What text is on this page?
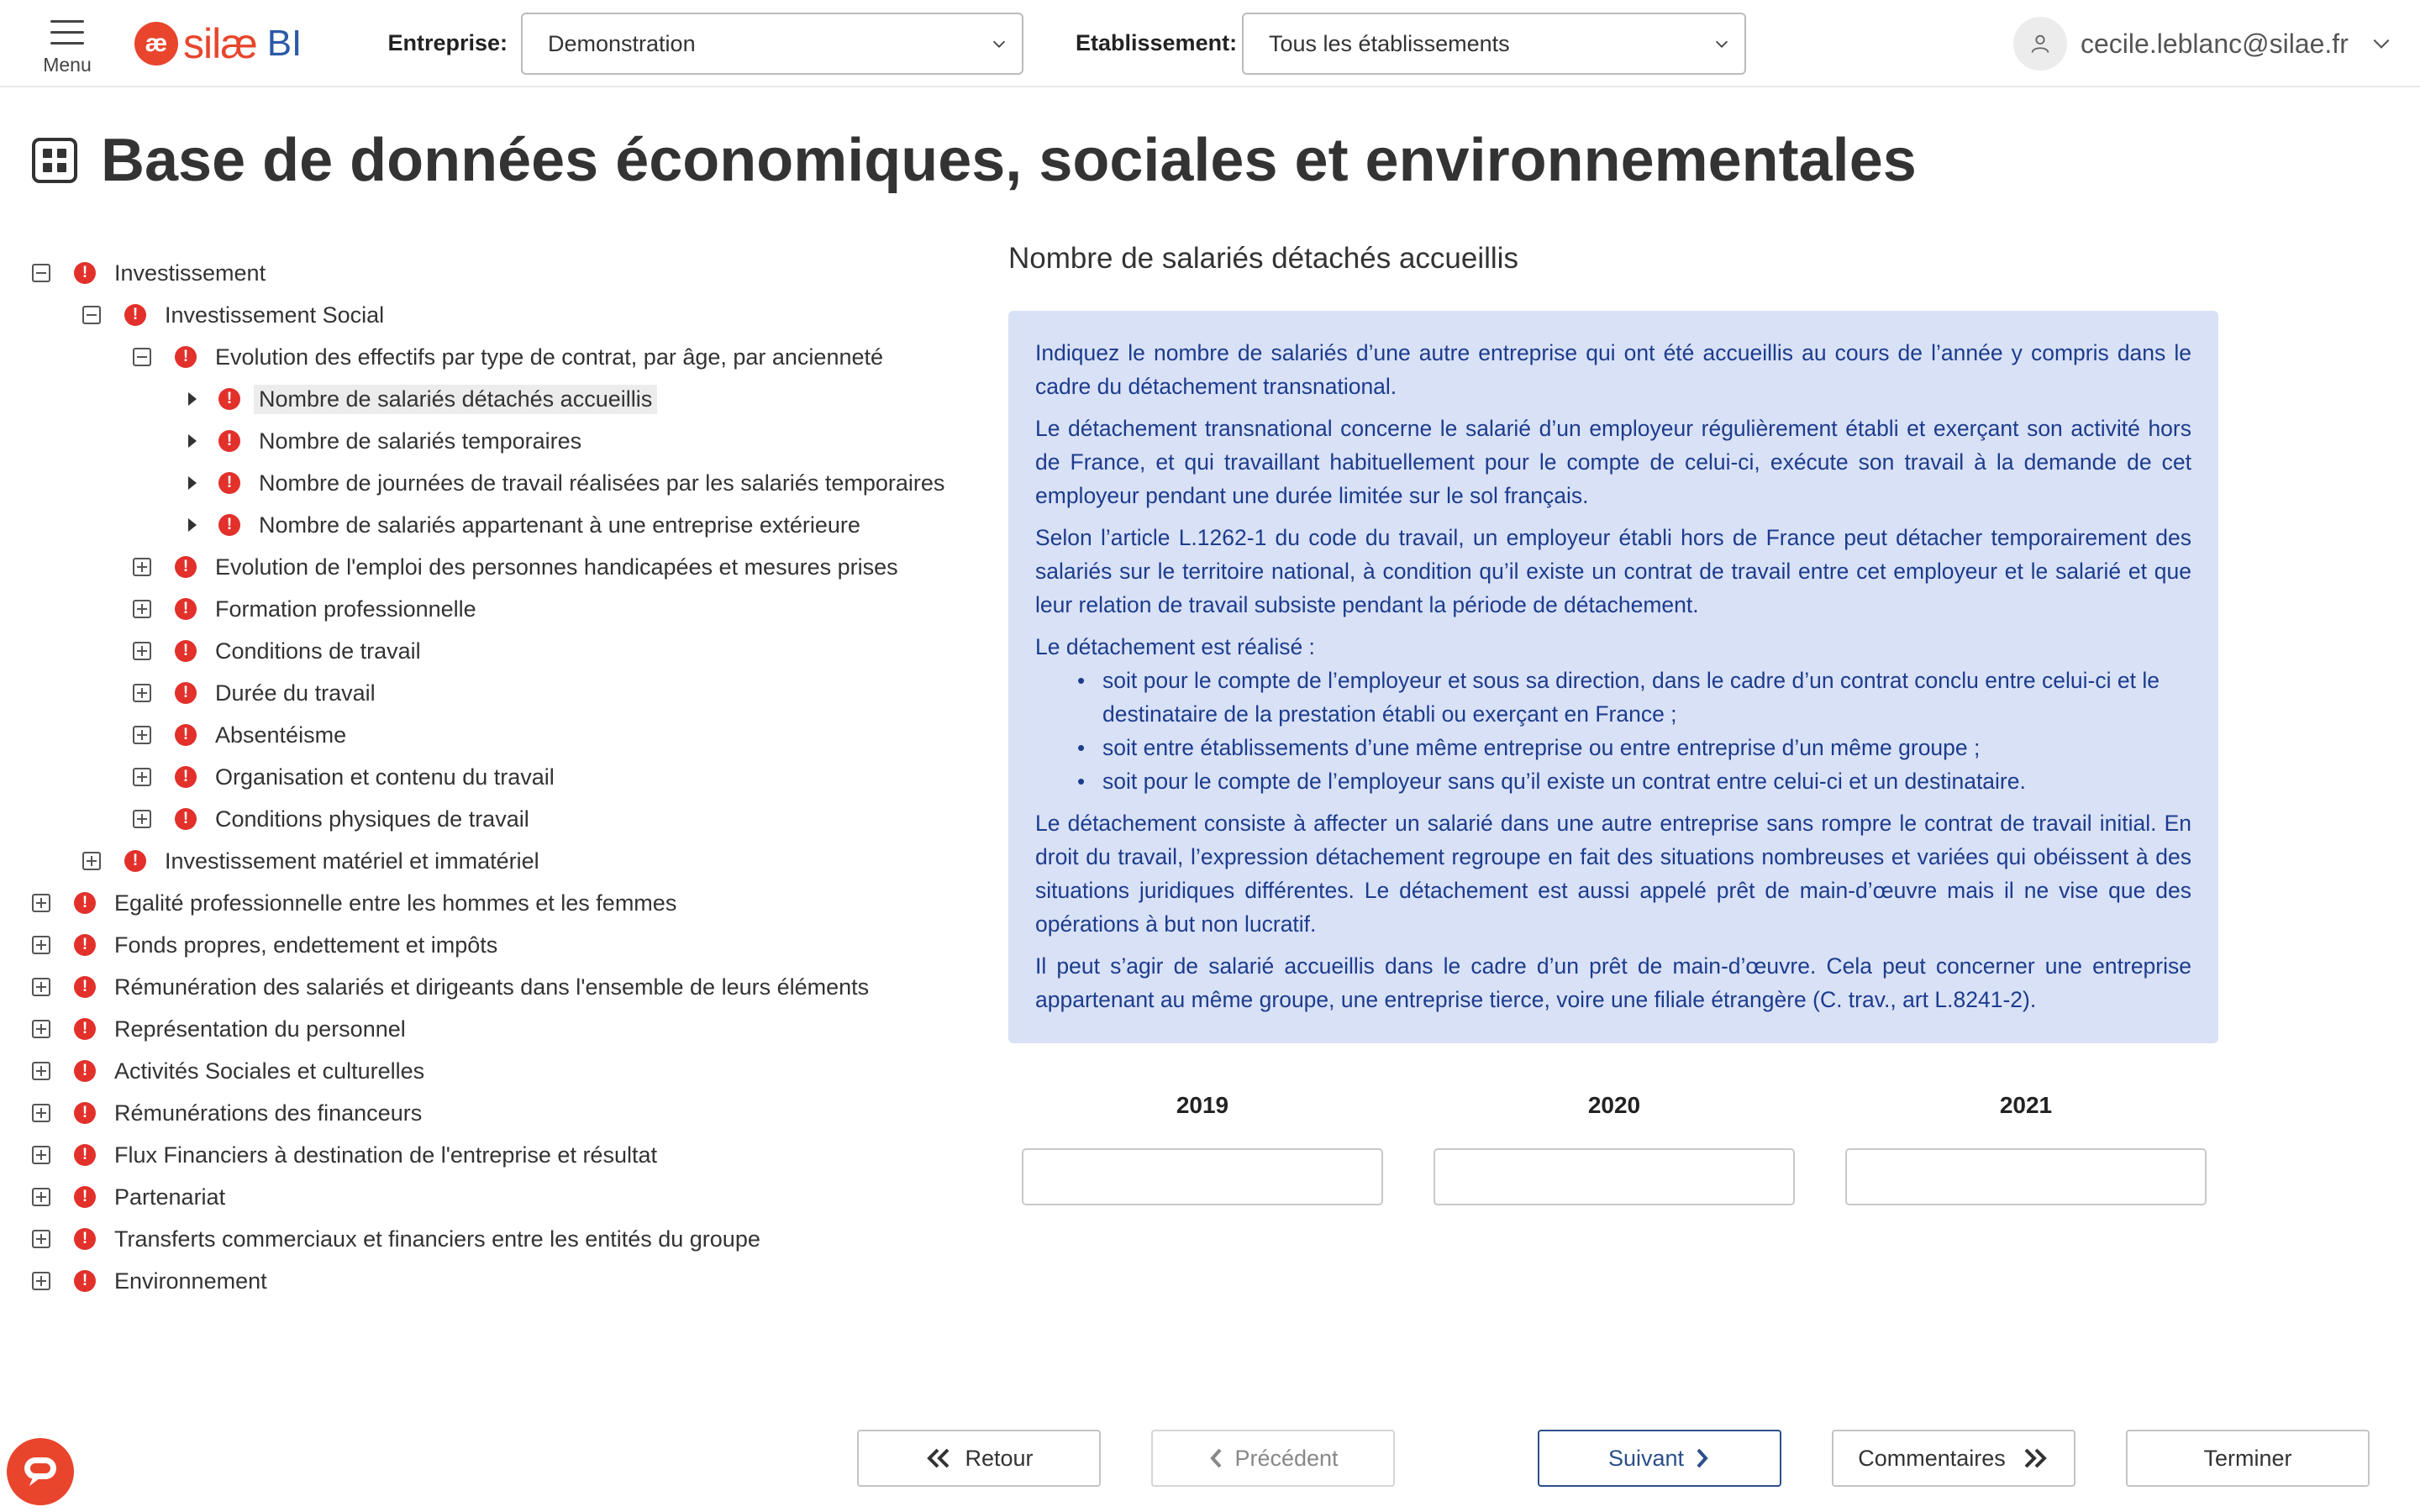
Menu
æ silæ BI	Entreprise: Demonstration	Etablissement: Tous les établissements	cecile.leblanc@silae.fr
Base de données économiques, sociales et environnementales
!	Investissement
!	Investissement Social
!	Evolution des effectifs par type de contrat, par âge, par ancienneté
!	Nombre de salariés détachés accueillis
!	Nombre de salariés temporaires
!	Nombre de journées de travail réalisées par les salariés temporaires
!	Nombre de salariés appartenant à une entreprise extérieure
!	Evolution de l'emploi des personnes handicapées et mesures prises
!	Formation professionnelle
!	Conditions de travail
!	Durée du travail
!	Absentéisme
!	Organisation et contenu du travail
!	Conditions physiques de travail
!	Investissement matériel et immatériel
!	Egalité professionnelle entre les hommes et les femmes
!	Fonds propres, endettement et impôts
!	Rémunération des salariés et dirigeants dans l'ensemble de leurs éléments
!	Représentation du personnel
!	Activités Sociales et culturelles
!	Rémunérations des financeurs
!	Flux Financiers à destination de l'entreprise et résultat
!	Partenariat
!	Transferts commerciaux et financiers entre les entités du groupe
!	Environnement
Nombre de salariés détachés accueillis

Indiquez le nombre de salariés d’une autre entreprise qui ont été accueillis au cours de l’année y compris dans le cadre du détachement transnational.

Le détachement transnational concerne le salarié d’un employeur régulièrement établi et exerçant son activité hors de France, et qui travaillant habituellement pour le compte de celui-ci, exécute son travail à la demande de cet employeur pendant une durée limitée sur le sol français.

Selon l’article L.1262-1 du code du travail, un employeur établi hors de France peut détacher temporairement des salariés sur le territoire national, à condition qu’il existe un contrat de travail entre cet employeur et le salarié et que leur relation de travail subsiste pendant la période de détachement.

Le détachement est réalisé :

• soit pour le compte de l’employeur et sous sa direction, dans le cadre d’un contrat conclu entre celui-ci et le destinataire de la prestation établi ou exerçant en France ;
• soit entre établissements d’une même entreprise ou entre entreprise d’un même groupe ;
• soit pour le compte de l’employeur sans qu’il existe un contrat entre celui-ci et un destinataire.

Le détachement consiste à affecter un salarié dans une autre entreprise sans rompre le contrat de travail initial. En droit du travail, l’expression détachement regroupe en fait des situations nombreuses et variées qui obéissent à des situations juridiques différentes. Le détachement est aussi appelé prêt de main-d’œuvre mais il ne vise que des opérations à but non lucratif.

Il peut s’agir de salarié accueillis dans le cadre d’un prêt de main-d’œuvre. Cela peut concerner une entreprise appartenant au même groupe, une entreprise tierce, voire une filiale étrangère (C. trav., art L.8241-2).

2019	2020	2021
Retour	Précédent	Suivant	Commentaires	Terminer
